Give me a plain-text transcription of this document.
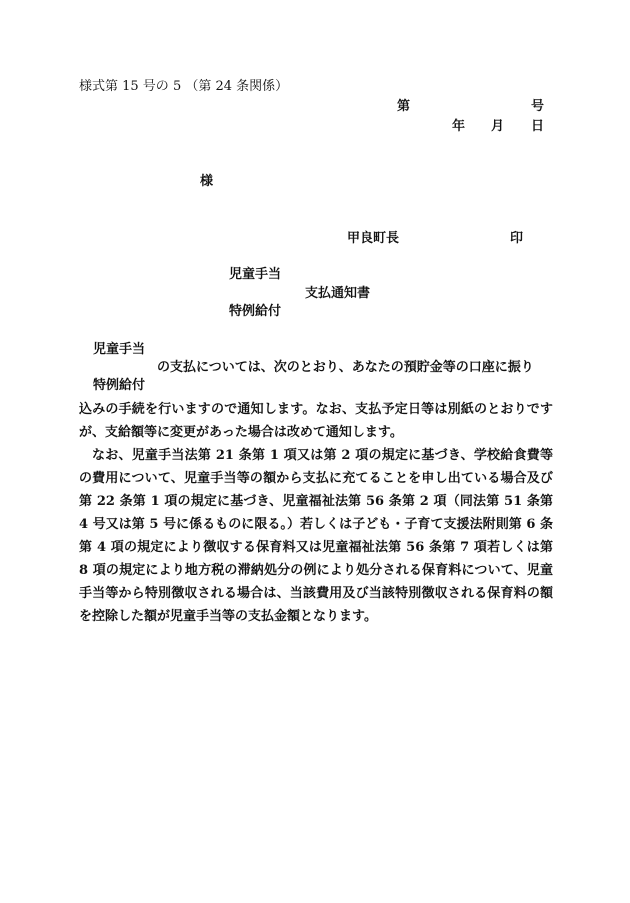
様式第 15 号の 5 （第 24 条関係）
第	号
年 月 日
様
甲良町長	印
児童手当
支払通知書
特例給付
児童手当
の支払については、次のとおり、あなたの預貯金等の口座に振り
特例給付

込みの手続を行いますので通知します。なお、支払予定日等は別紙のとおりですが、支給額等に変更があった場合は改めて通知します。

なお、児童手当法第 21 条第 1 項又は第 2 項の規定に基づき、学校給食費等の費用について、児童手当等の額から支払に充てることを申し出ている場合及び第 22 条第 1 項の規定に基づき、児童福祉法第 56 条第 2 項（同法第 51 条第 4 号又は第 5 号に係るものに限る。）若しくは子ども・子育て支援法附則第 6 条第 4 項の規定により徴収する保育料又は児童福祉法第 56 条第 7 項若しくは第 8 項の規定により地方税の滞納処分の例により処分される保育料について、児童手当等から特別徴収される場合は、当該費用及び当該特別徴収される保育料の額を控除した額が児童手当等の支払金額となります。
